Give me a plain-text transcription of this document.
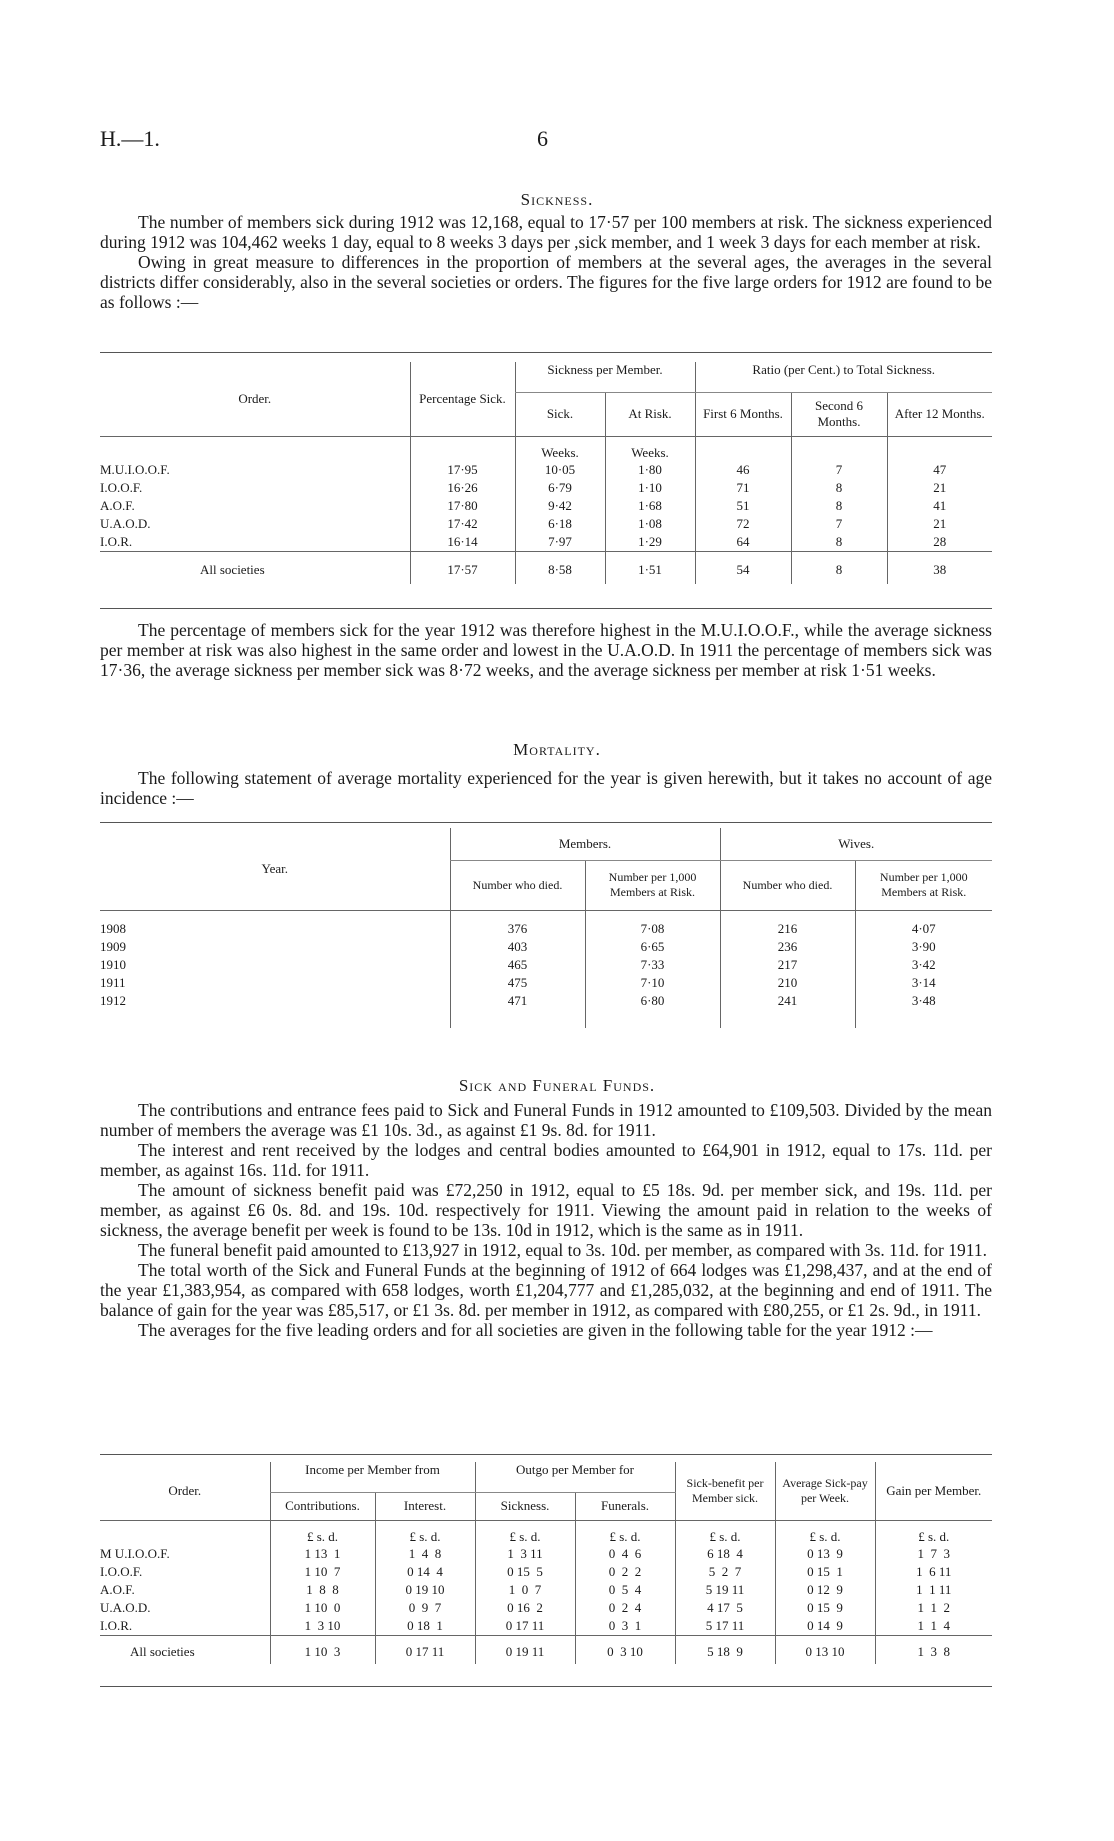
H.—1.	6
Sickness.

The number of members sick during 1912 was 12,168, equal to 17·57 per 100 members at risk. The sickness experienced during 1912 was 104,462 weeks 1 day, equal to 8 weeks 3 days per ,sick member, and 1 week 3 days for each member at risk.

Owing in great measure to differences in the proportion of members at the several ages, the averages in the several districts differ considerably, also in the several societies or orders. The figures for the five large orders for 1912 are found to be as follows :—

Order.	Percentage Sick.	Sickness per Member.		Ratio (per Cent.) to Total Sickness.		
		Sick.	At Risk.	First 6 Months.	Second 6 Months.	After 12 Months.
		Weeks.	Weeks.			
M.U.I.O.O.F.	17·95	10·05	1·80	46	7	47
I.O.O.F.	16·26	6·79	1·10	71	8	21
A.O.F.	17·80	9·42	1·68	51	8	41
U.A.O.D.	17·42	6·18	1·08	72	7	21
I.O.R.	16·14	7·97	1·29	64	8	28
All societies	17·57	8·58	1·51	54	8	38

The percentage of members sick for the year 1912 was therefore highest in the M.U.I.O.O.F., while the average sickness per member at risk was also highest in the same order and lowest in the U.A.O.D. In 1911 the percentage of members sick was 17·36, the average sickness per member sick was 8·72 weeks, and the average sickness per member at risk 1·51 weeks.

Mortality.

The following statement of average mortality experienced for the year is given herewith, but it takes no account of age incidence :—

Year.	Members.		Wives.	
	Number who died.	Number per 1,000 Members at Risk.	Number who died.	Number per 1,000 Members at Risk.
1908	376	7·08	216	4·07
1909	403	6·65	236	3·90
1910	465	7·33	217	3·42
1911	475	7·10	210	3·14
1912	471	6·80	241	3·48

Sick and Funeral Funds.

The contributions and entrance fees paid to Sick and Funeral Funds in 1912 amounted to £109,503. Divided by the mean number of members the average was £1 10s. 3d., as against £1 9s. 8d. for 1911.

The interest and rent received by the lodges and central bodies amounted to £64,901 in 1912, equal to 17s. 11d. per member, as against 16s. 11d. for 1911.

The amount of sickness benefit paid was £72,250 in 1912, equal to £5 18s. 9d. per member sick, and 19s. 11d. per member, as against £6 0s. 8d. and 19s. 10d. respectively for 1911. Viewing the amount paid in relation to the weeks of sickness, the average benefit per week is found to be 13s. 10d in 1912, which is the same as in 1911.

The funeral benefit paid amounted to £13,927 in 1912, equal to 3s. 10d. per member, as compared with 3s. 11d. for 1911.

The total worth of the Sick and Funeral Funds at the beginning of 1912 of 664 lodges was £1,298,437, and at the end of the year £1,383,954, as compared with 658 lodges, worth £1,204,777 and £1,285,032, at the beginning and end of 1911. The balance of gain for the year was £85,517, or £1 3s. 8d. per member in 1912, as compared with £80,255, or £1 2s. 9d., in 1911.

The averages for the five leading orders and for all societies are given in the following table for the year 1912 :—

Order.	Income per Member from		Outgo per Member for		Sick-benefit per Member sick.	Average Sick-pay per Week.	Gain per Member.
	Contributions.	Interest.	Sickness.	Funerals.			
	£ s. d.	£ s. d.	£ s. d.	£ s. d.	£ s. d.	£ s. d.	£ s. d.
M U.I.O.O.F.	1 13  1	1  4  8	1  3 11	0  4  6	6 18  4	0 13  9	1  7  3
I.O.O.F.	1 10  7	0 14  4	0 15  5	0  2  2	5  2  7	0 15  1	1  6 11
A.O.F.	1  8  8	0 19 10	1  0  7	0  5  4	5 19 11	0 12  9	1  1 11
U.A.O.D.	1 10  0	0  9  7	0 16  2	0  2  4	4 17  5	0 15  9	1  1  2
I.O.R.	1  3 10	0 18  1	0 17 11	0  3  1	5 17 11	0 14  9	1  1  4
All societies	1 10  3	0 17 11	0 19 11	0  3 10	5 18  9	0 13 10	1  3  8
